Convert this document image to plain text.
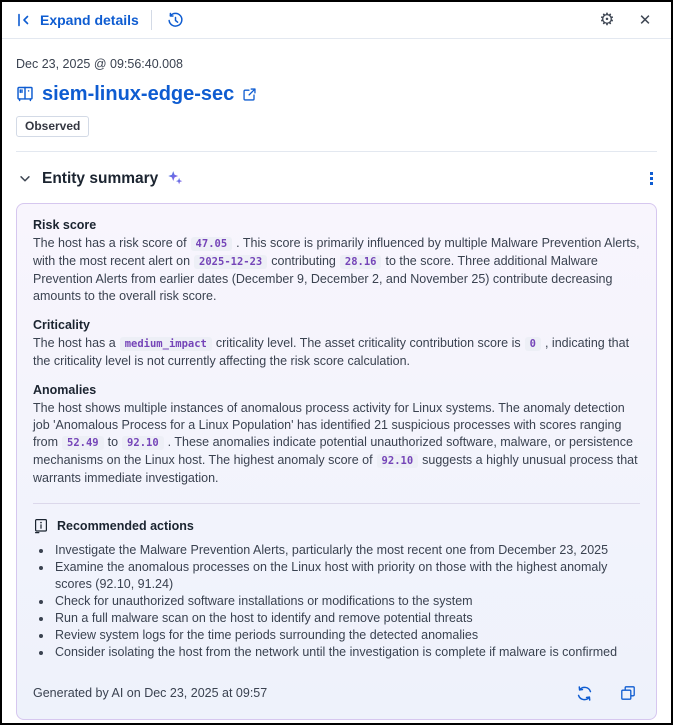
Expand details	⚙ ✕
Dec 23, 2025 @ 09:56:40.008
siem-linux-edge-sec
Observed
Entity summary
Risk score

The host has a risk score of 47.05 . This score is primarily influenced by multiple Malware Prevention Alerts, with the most recent alert on 2025-12-23 contributing 28.16 to the score. Three additional Malware Prevention Alerts from earlier dates (December 9, December 2, and November 25) contribute decreasing amounts to the overall risk score.

Criticality

The host has a medium_impact criticality level. The asset criticality contribution score is 0 , indicating that the criticality level is not currently affecting the risk score calculation.

Anomalies

The host shows multiple instances of anomalous process activity for Linux systems. The anomaly detection job 'Anomalous Process for a Linux Population' has identified 21 suspicious processes with scores ranging from 52.49 to 92.10 . These anomalies indicate potential unauthorized software, malware, or persistence mechanisms on the Linux host. The highest anomaly score of 92.10 suggests a highly unusual process that warrants immediate investigation.

Recommended actions
• Investigate the Malware Prevention Alerts, particularly the most recent one from December 23, 2025
• Examine the anomalous processes on the Linux host with priority on those with the highest anomaly scores (92.10, 91.24)
• Check for unauthorized software installations or modifications to the system
• Run a full malware scan on the host to identify and remove potential threats
• Review system logs for the time periods surrounding the detected anomalies
• Consider isolating the host from the network until the investigation is complete if malware is confirmed
Generated by AI on Dec 23, 2025 at 09:57
